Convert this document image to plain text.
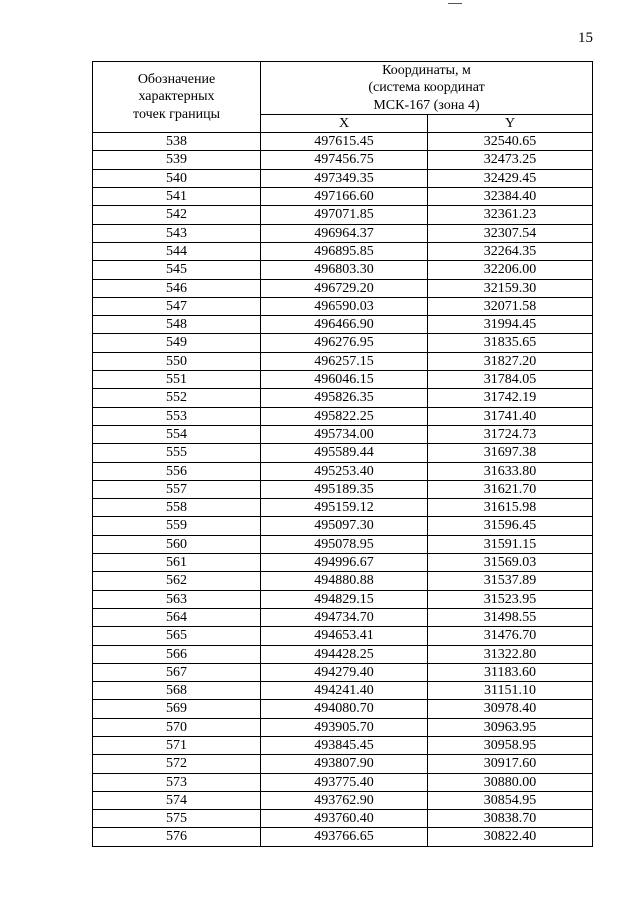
15
Обозначение
характерных
точек границы	Координаты, м
(система координат
МСК-167 (зона 4)	

	X	Y
538	497615.45	32540.65
539	497456.75	32473.25
540	497349.35	32429.45
541	497166.60	32384.40
542	497071.85	32361.23
543	496964.37	32307.54
544	496895.85	32264.35
545	496803.30	32206.00
546	496729.20	32159.30
547	496590.03	32071.58
548	496466.90	31994.45
549	496276.95	31835.65
550	496257.15	31827.20
551	496046.15	31784.05
552	495826.35	31742.19
553	495822.25	31741.40
554	495734.00	31724.73
555	495589.44	31697.38
556	495253.40	31633.80
557	495189.35	31621.70
558	495159.12	31615.98
559	495097.30	31596.45
560	495078.95	31591.15
561	494996.67	31569.03
562	494880.88	31537.89
563	494829.15	31523.95
564	494734.70	31498.55
565	494653.41	31476.70
566	494428.25	31322.80
567	494279.40	31183.60
568	494241.40	31151.10
569	494080.70	30978.40
570	493905.70	30963.95
571	493845.45	30958.95
572	493807.90	30917.60
573	493775.40	30880.00
574	493762.90	30854.95
575	493760.40	30838.70
576	493766.65	30822.40
